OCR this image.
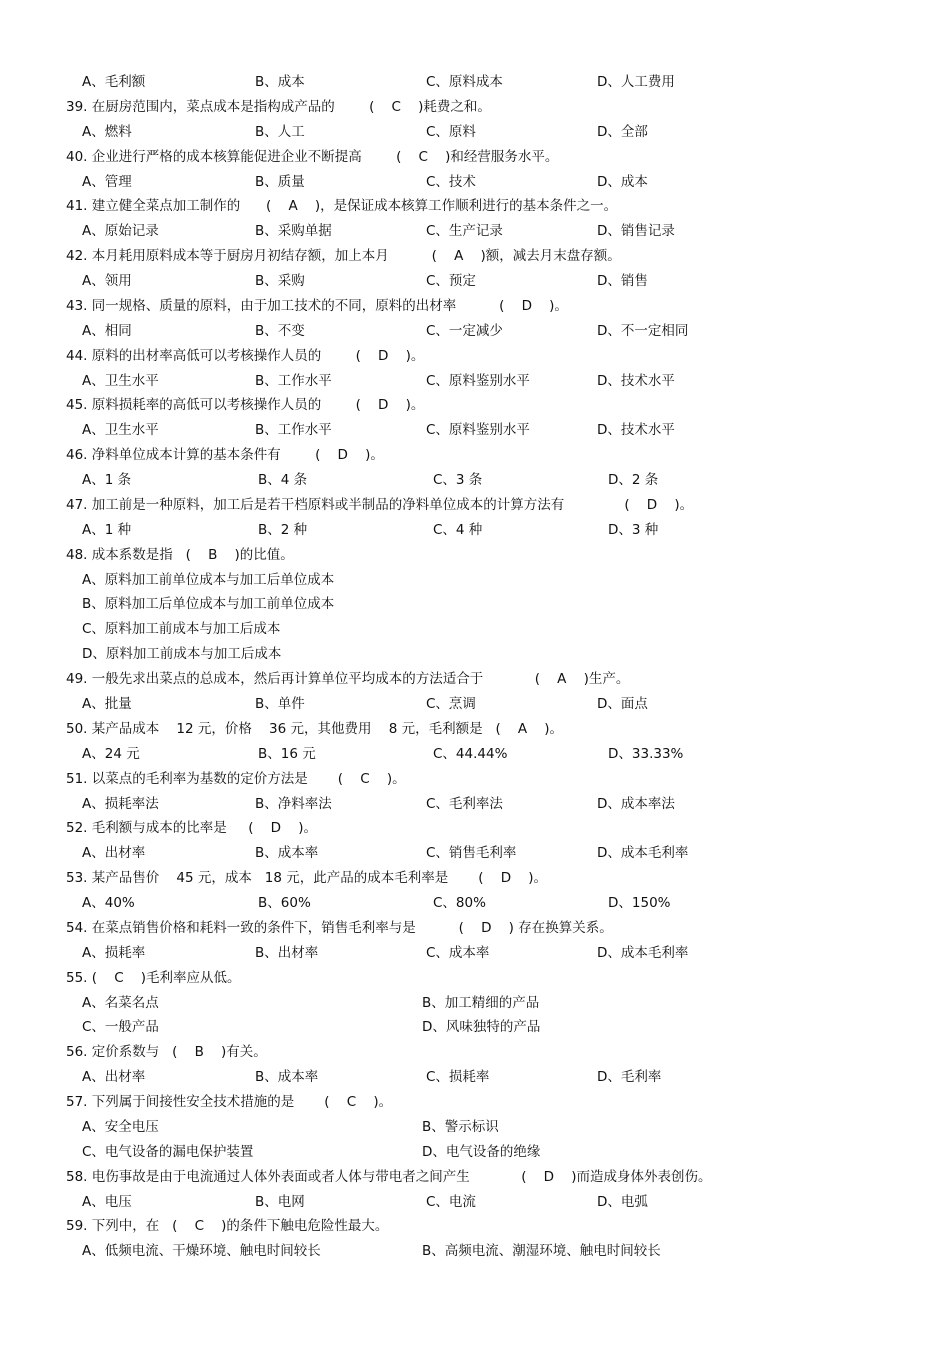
A、毛利额	B、成本	C、原料成本	D、人工费用
39. 在厨房范围内，菜点成本是指构成产品的        (    C    )耗费之和。
A、燃料	B、人工	C、原料	D、全部
40. 企业进行严格的成本核算能促进企业不断提高        (    C    )和经营服务水平。
A、管理	B、质量	C、技术	D、成本
41. 建立健全菜点加工制作的      (    A    )，是保证成本核算工作顺利进行的基本条件之一。
A、原始记录	B、采购单据	C、生产记录	D、销售记录
42. 本月耗用原料成本等于厨房月初结存额，加上本月          (    A    )额，减去月末盘存额。
A、领用	B、采购	C、预定	D、销售
43. 同一规格、质量的原料，由于加工技术的不同，原料的出材率          (    D    )。
A、相同	B、不变	C、一定减少	D、不一定相同
44. 原料的出材率高低可以考核操作人员的        (    D    )。
A、卫生水平	B、工作水平	C、原料鉴别水平	D、技术水平
45. 原料损耗率的高低可以考核操作人员的        (    D    )。
A、卫生水平	B、工作水平	C、原料鉴别水平	D、技术水平
46. 净料单位成本计算的基本条件有        (    D    )。
A、1 条	B、4 条	C、3 条	D、2 条
47. 加工前是一种原料，加工后是若干档原料或半制品的净料单位成本的计算方法有              (    D    )。
A、1 种	B、2 种	C、4 种	D、3 种
48. 成本系数是指   (    B    )的比值。
A、原料加工前单位成本与加工后单位成本
B、原料加工后单位成本与加工前单位成本
C、原料加工前成本与加工后成本
D、原料加工前成本与加工后成本
49. 一般先求出菜点的总成本，然后再计算单位平均成本的方法适合于            (    A    )生产。
A、批量	B、单件	C、烹调	D、面点
50. 某产品成本    12 元，价格    36 元，其他费用    8 元，毛利额是   (    A    )。
A、24 元	B、16 元	C、44.44%	D、33.33%
51. 以菜点的毛利率为基数的定价方法是       (    C    )。
A、损耗率法	B、净料率法	C、毛利率法	D、成本率法
52. 毛利额与成本的比率是     (    D    )。
A、出材率	B、成本率	C、销售毛利率	D、成本毛利率
53. 某产品售价    45 元，成本   18 元，此产品的成本毛利率是       (    D    )。
A、40%	B、60%	C、80%	D、150%
54. 在菜点销售价格和耗料一致的条件下，销售毛利率与是          (    D    ) 存在换算关系。
A、损耗率	B、出材率	C、成本率	D、成本毛利率
55. (    C    )毛利率应从低。
A、名菜名点	B、加工精细的产品
C、一般产品	D、风味独特的产品
56. 定价系数与   (    B    )有关。
A、出材率	B、成本率	C、损耗率	D、毛利率
57. 下列属于间接性安全技术措施的是       (    C    )。
A、安全电压	B、警示标识
C、电气设备的漏电保护装置	D、电气设备的绝缘
58. 电伤事故是由于电流通过人体外表面或者人体与带电者之间产生            (    D    )而造成身体外表创伤。
A、电压	B、电网	C、电流	D、电弧
59. 下列中，在   (    C    )的条件下触电危险性最大。
A、低频电流、干燥环境、触电时间较长	B、高频电流、潮湿环境、触电时间较长
